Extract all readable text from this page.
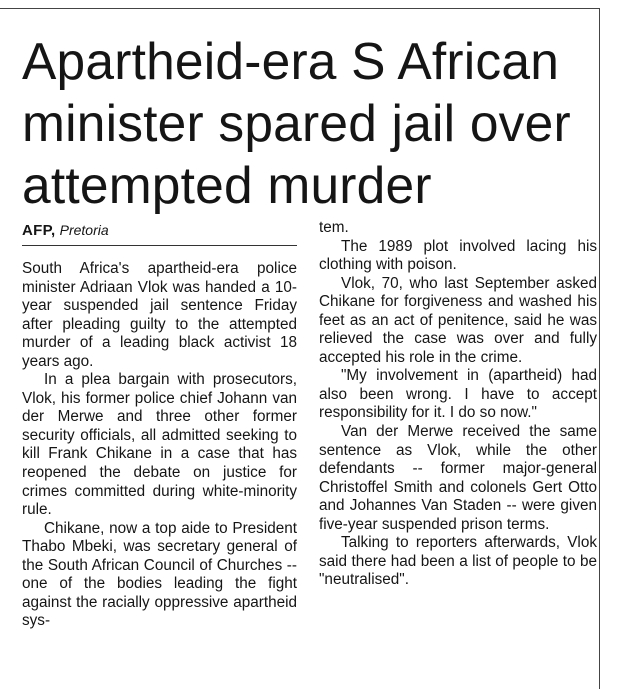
Apartheid-era S African minister spared jail over attempted murder
AFP, Pretoria

South Africa's apartheid-era police minister Adriaan Vlok was handed a 10-year suspended jail sentence Friday after pleading guilty to the attempted murder of a leading black activist 18 years ago.

In a plea bargain with prosecutors, Vlok, his former police chief Johann van der Merwe and three other former security officials, all admitted seeking to kill Frank Chikane in a case that has reopened the debate on justice for crimes committed during white-minority rule.

Chikane, now a top aide to President Thabo Mbeki, was secretary general of the South African Council of Churches -- one of the bodies leading the fight against the racially oppressive apartheid sys-

tem.

The 1989 plot involved lacing his clothing with poison.

Vlok, 70, who last September asked Chikane for forgiveness and washed his feet as an act of penitence, said he was relieved the case was over and fully accepted his role in the crime.

"My involvement in (apartheid) had also been wrong. I have to accept responsibility for it. I do so now."

Van der Merwe received the same sentence as Vlok, while the other defendants -- former major-general Christoffel Smith and colonels Gert Otto and Johannes Van Staden -- were given five-year suspended prison terms.

Talking to reporters afterwards, Vlok said there had been a list of people to be "neutralised".
